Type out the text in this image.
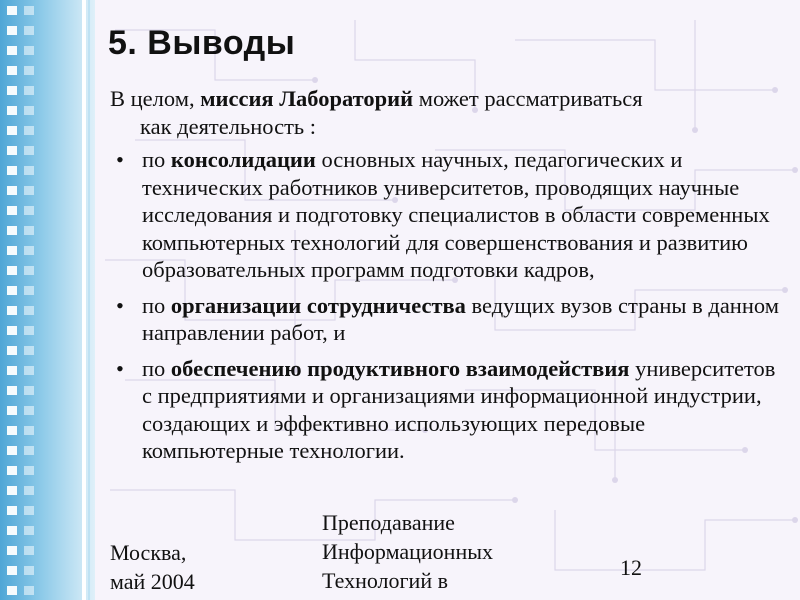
5. Выводы

В целом, миссия Лабораторий может рассматриваться
как деятельность :

• по консолидации основных научных, педагогических и технических работников университетов, проводящих научные исследования и подготовку специалистов в области современных компьютерных технологий для совершенствования и развитию образовательных программ подготовки кадров,
• по организации сотрудничества ведущих вузов страны в данном направлении работ, и
• по обеспечению продуктивного взаимодействия университетов с предприятиями и организациями информационной индустрии, создающих и эффективно использующих передовые компьютерные технологии.
Москва,
май 2004
Преподавание
Информационных
Технологий в
12
